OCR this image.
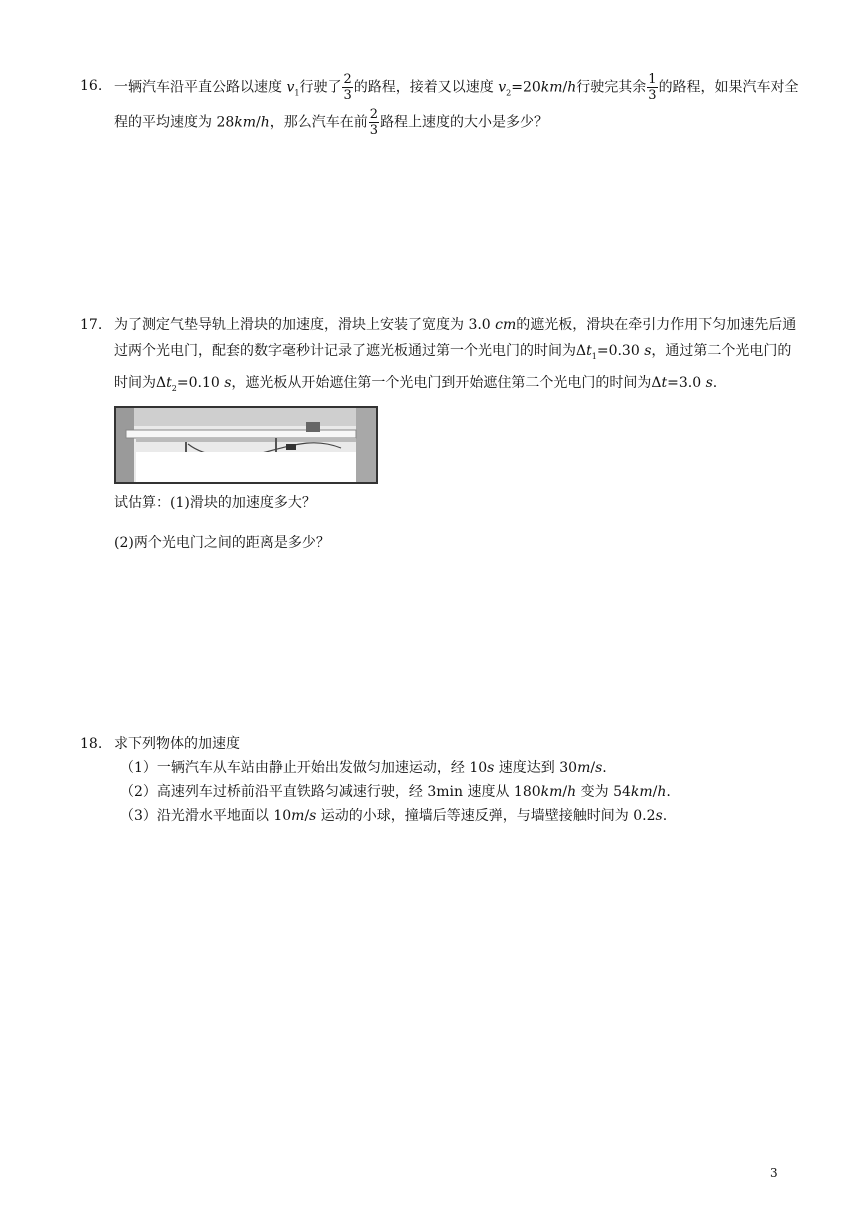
16. 一辆汽车沿平直公路以速度 $v_1$行驶了 $\frac{2}{3}$ 的路程，接着又以速度 $v_2=20km/h$行驶完其余 $\frac{1}{3}$ 的路程，如果汽车对全程的平均速度为 28km/h，那么汽车在前 $\frac{2}{3}$ 路程上速度的大小是多少？
17. 为了测定气垫导轨上滑块的加速度，滑块上安装了宽度为 3.0 cm的遮光板，滑块在牵引力作用下匀加速先后通过两个光电门，配套的数字毫秒计记录了遮光板通过第一个光电门的时间为$\Delta t_1=0.30$ s，通过第二个光电门的时间为$\Delta t_2=0.10$ s，遮光板从开始遮住第一个光电门到开始遮住第二个光电门的时间为Δt=3.0 s.
试估算：(1)滑块的加速度多大？
(2)两个光电门之间的距离是多少？
18. 求下列物体的加速度
（1）一辆汽车从车站由静止开始出发做匀加速运动，经 10s 速度达到 30m/s.
（2）高速列车过桥前沿平直铁路匀减速行驶，经 3min 速度从 180km/h 变为 54km/h.
（3）沿光滑水平地面以 10m/s 运动的小球，撞墙后等速反弹，与墙壁接触时间为 0.2s.
3
